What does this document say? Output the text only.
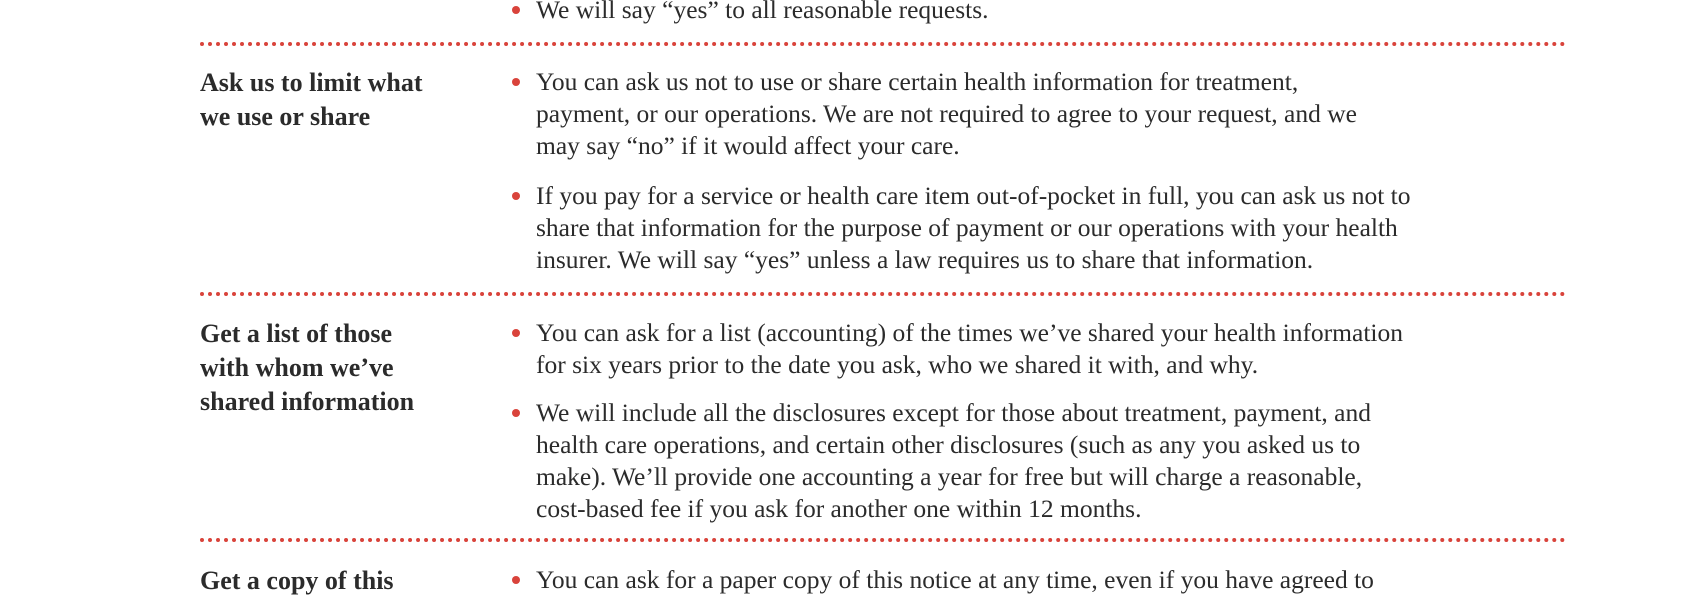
We will say “yes” to all reasonable requests.
Ask us to limit what
we use or share
You can ask us not to use or share certain health information for treatment,
payment, or our operations. We are not required to agree to your request, and we
may say “no” if it would affect your care.
If you pay for a service or health care item out-of-pocket in full, you can ask us not to
share that information for the purpose of payment or our operations with your health
insurer. We will say “yes” unless a law requires us to share that information.
Get a list of those
with whom we’ve
shared information
You can ask for a list (accounting) of the times we’ve shared your health information
for six years prior to the date you ask, who we shared it with, and why.
We will include all the disclosures except for those about treatment, payment, and
health care operations, and certain other disclosures (such as any you asked us to
make). We’ll provide one accounting a year for free but will charge a reasonable,
cost-based fee if you ask for another one within 12 months.
Get a copy of this	You can ask for a paper copy of this notice at any time, even if you have agreed to
